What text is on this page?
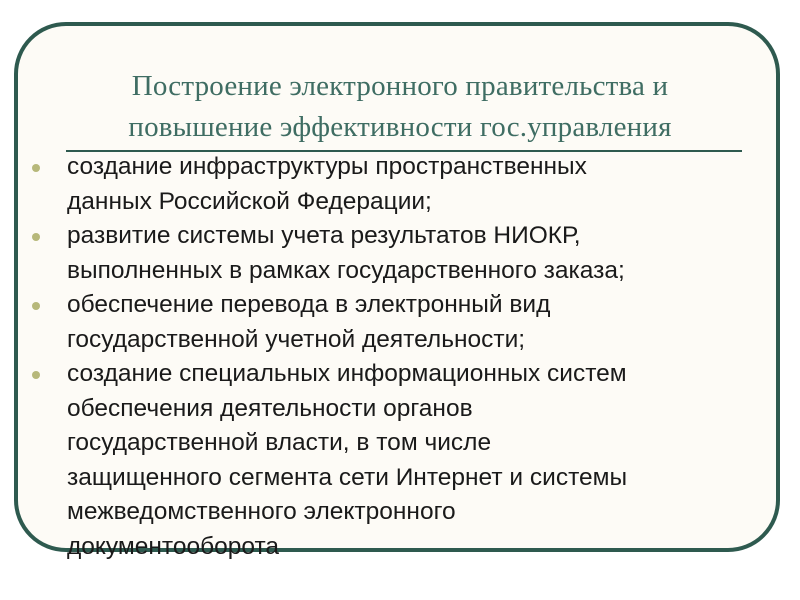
Построение электронного правительства и
повышение эффективности гос.управления
создание инфраструктуры пространственных
данных Российской Федерации;
развитие системы учета результатов НИОКР,
выполненных в рамках государственного заказа;
обеспечение перевода в электронный вид
государственной учетной деятельности;
создание специальных информационных систем
обеспечения деятельности органов
государственной власти, в том числе
защищенного сегмента сети Интернет и системы
межведомственного электронного
документооборота
